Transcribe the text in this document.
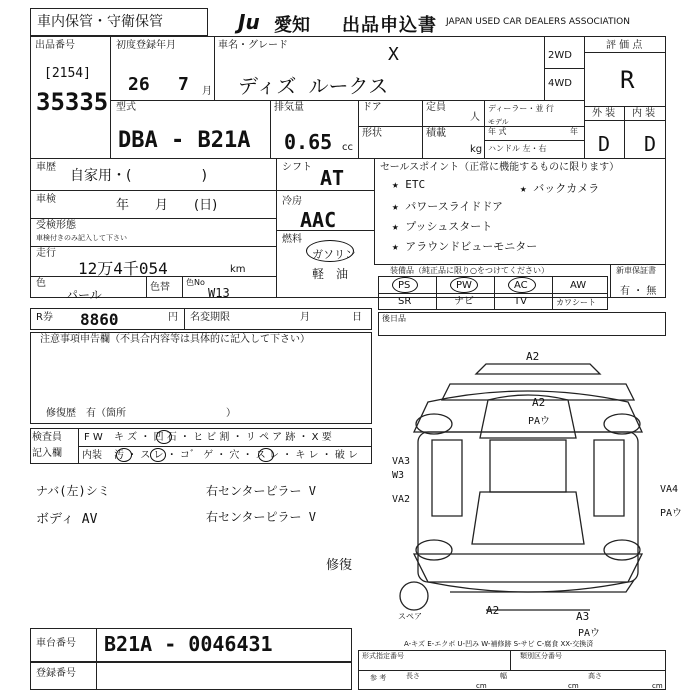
車内保管・守衛保管	Ju 愛知 出品申込書 JAPAN USED CAR DEALERS ASSOCIATION
出品番号
[2154]
35335
初度登録年月
26 7 月
車名・グレード	X
ディズ ルークス
2WD
4WD
評 価 点
R
外 装 内 装
D D
型式
DBA - B21A
排気量
0.65 cc
ドア
形状
定員
人
積載
kg
ディーラー・並 行
モデル
年 式	年
ハンドル 左・右
車歴
自家用・(　　　　　)
シフト AT	セールスポイント（正常に機能するものに限ります）
車検	年　　月　　(日)	冷房
AAC
受検形態
車検付きのみ記入して下さい	燃料
ガソリン
軽　油
走行
12万4千054	km
色
パール
色替 色No
W13
★ ETC
★ パワースライドドア
★ プッシュスタート
★ アラウンドビューモニター
★ バックカメラ
装備品（純正品に限り○をつけてください）	新車保証書
有 ・ 無
PS	PW	AC	AW
SR	ナビ	TV	カワシート
R券 8860	円 名変期限	月	日	後日品
注意事項申告欄（不具合内容等は具体的に記入して下さい）
修復歴　有（箇所　　　　　　　　　　）
検査員
記入欄
F W キ ズ ・ 凹 石 ・ ヒ ビ 割 ・ リ ペ ア 跡 ・ X 要
内装 汚 ・ ス レ ・ コ゛ ゲ ・ 穴 ・ ス レ ・ キ レ ・ 破 レ
ナバ(左)シミ
ボディ AV
右センターピラー V
右センターピラー V
修復
A2
A2
PAウ
VA3
W3
VA2
VA4
PAウ
A2	A3
PAウ
スペア
A-キズ E-エクボ U-凹み W-補修跡 S-サビ C-腐食 XX-交換済
車台番号 B21A - 0046431
登録番号
形式指定番号	類別区分番号
参 考	長さ
cm
幅
cm
高さ
cm
